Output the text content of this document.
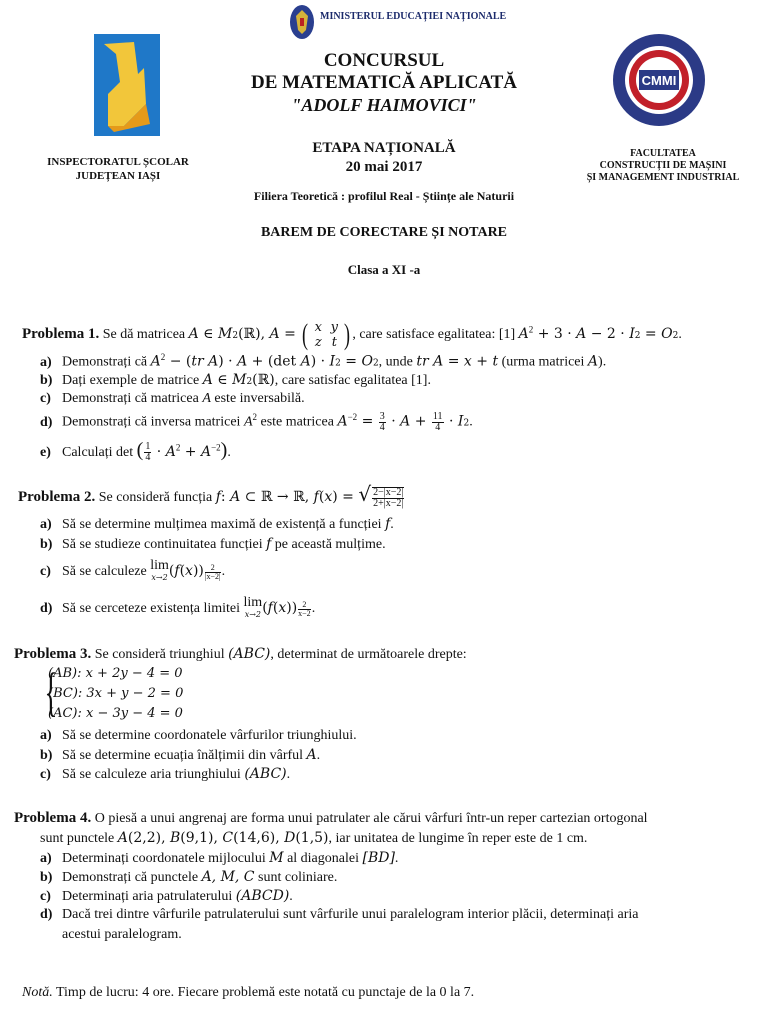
MINISTERUL EDUCAȚIEI NAȚIONALE
CONCURSUL
DE MATEMATICĂ APLICATĂ
"ADOLF HAIMOVICI"
CMMI
ETAPA NAȚIONALĂ
20 mai 2017
INSPECTORATUL ȘCOLAR
JUDEȚEAN IAȘI
FACULTATEA
CONSTRUCȚII DE MAȘINI
ȘI MANAGEMENT INDUSTRIAL
Filiera Teoretică : profilul Real - Științe ale Naturii
BAREM DE CORECTARE ȘI NOTARE
Clasa a XI -a
Problema 1. Se dă matricea A ∈ M2(ℝ), A = ( x y
z t ) , care satisface egalitatea: [1] $A^2 + 3 \cdot A - 2 \cdot I2 = O2$.
a) Demonstrați că $A^2 - (tr$ A) · A + (det A) · I2 = O2, unde tr A = x + t (urma matricei A).
b) Dați exemple de matrice A ∈ M2(ℝ), care satisfac egalitatea [1].
c) Demonstrați că matricea A este inversabilă.
d) Demonstrați că inversa matricei $A^2$ este matricea $A^{-2} = \frac{3}{4} \cdot A + \frac{11}{4} \cdot I2$.
e) Calculați det ( $\frac{1}{4} \cdot A^2 + A^{-2}$).
Problema 2. Se consideră funcția f: A ⊂ ℝ → ℝ, f(x) = √ $\frac{2-|x-2|}{2+|x-2|}$
a) Să se determine mulțimea maximă de existență a funcției f.
b) Să se studieze continuitatea funcției f pe această mulțime.
c) Să se calculeze lim
x→2 $(f(x)) \frac{2}{|x-2|}$ .
d) Să se cerceteze existența limitei lim
x→2 $(f(x)) \frac{2}{x-2}$ .
Problema 3. Se consideră triunghiul (ABC), determinat de următoarele drepte:
{
(AB): x + 2y − 4 = 0
(BC): 3x + y − 2 = 0
(AC): x − 3y − 4 = 0
a) Să se determine coordonatele vârfurilor triunghiului.
b) Să se determine ecuația înălțimii din vârful A.
c) Să se calculeze aria triunghiului (ABC).
Problema 4. O piesă a unui angrenaj are forma unui patrulater ale cărui vârfuri într-un reper cartezian ortogonal
sunt punctele A(2,2), B(9,1), C(14,6), D(1,5), iar unitatea de lungime în reper este de 1 cm.
a) Determinați coordonatele mijlocului M al diagonalei [BD].
b) Demonstrați că punctele A, M, C sunt coliniare.
c) Determinați aria patrulaterului (ABCD).
d) Dacă trei dintre vârfurile patrulaterului sunt vârfurile unui paralelogram interior plăcii, determinați aria
acestui paralelogram.
Notă. Timp de lucru: 4 ore. Fiecare problemă este notată cu punctaje de la 0 la 7.
